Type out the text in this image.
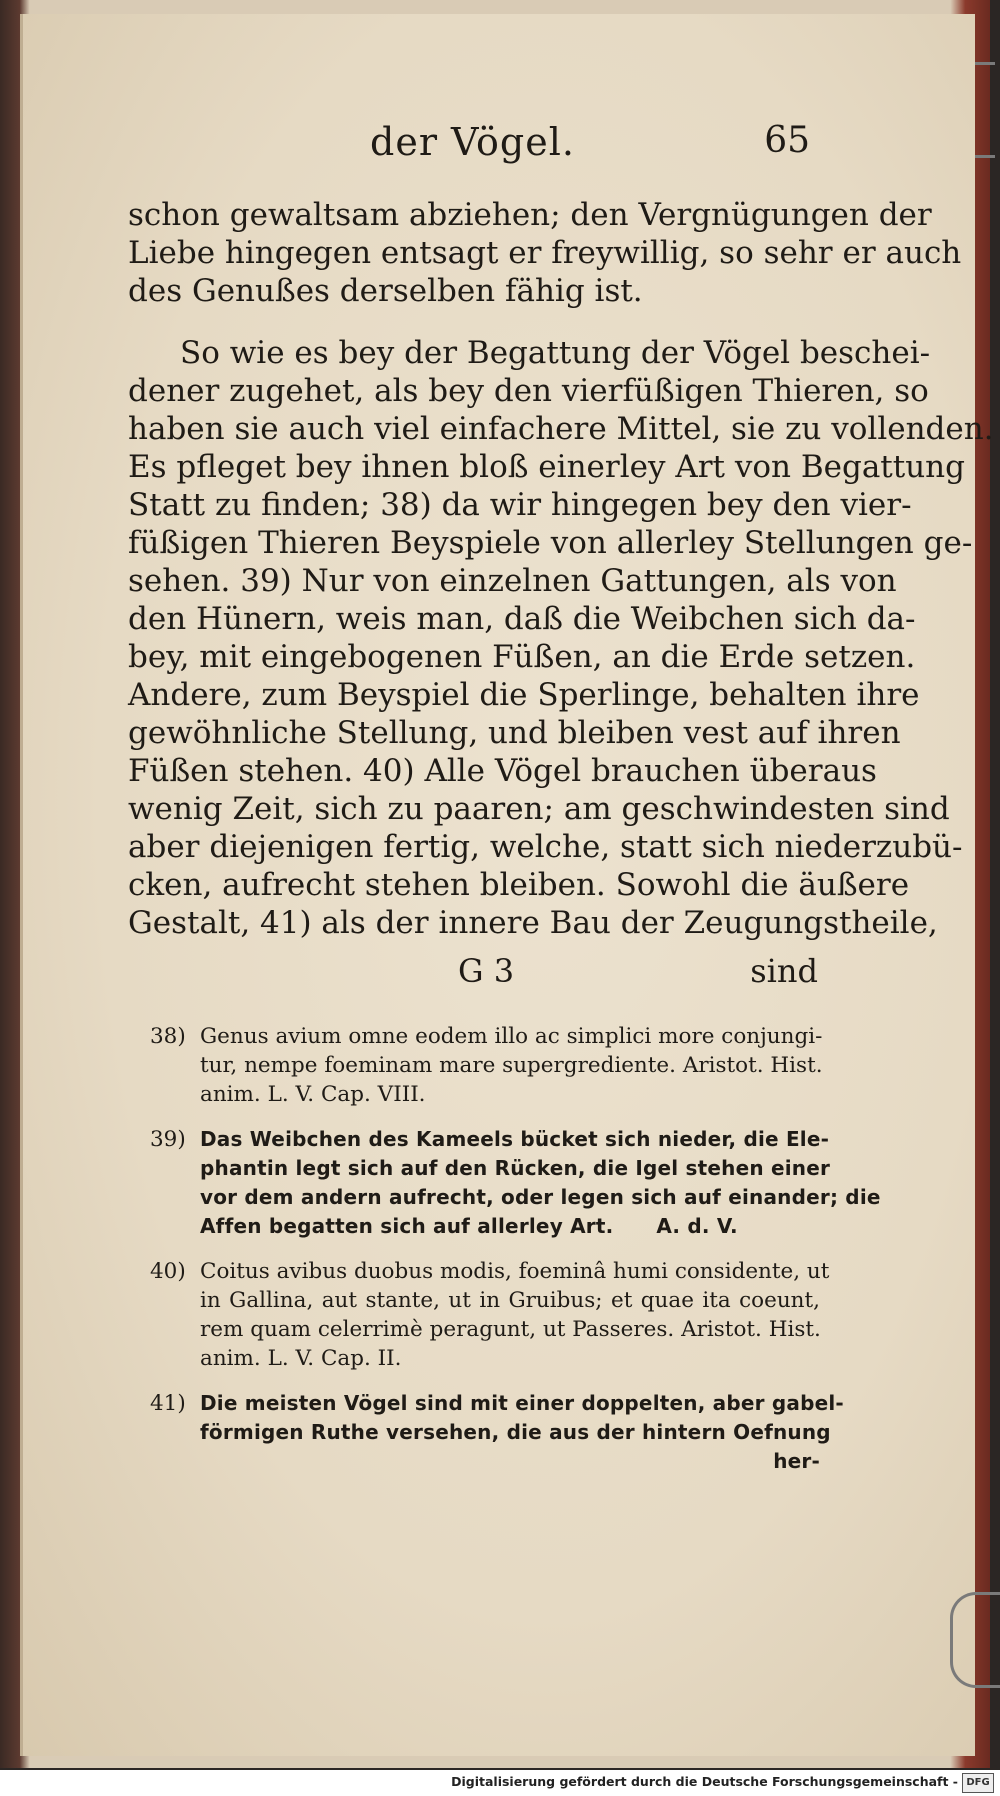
der Vögel.	65

schon gewaltsam abziehen; den Vergnügungen der
Liebe hingegen entsagt er freywillig, so sehr er auch
des Genußes derselben fähig ist.

So wie es bey der Begattung der Vögel beschei-
dener zugehet, als bey den vierfüßigen Thieren, so
haben sie auch viel einfachere Mittel, sie zu vollenden.
Es pfleget bey ihnen bloß einerley Art von Begattung
Statt zu finden; 38) da wir hingegen bey den vier-
füßigen Thieren Beyspiele von allerley Stellungen ge-
sehen. 39) Nur von einzelnen Gattungen, als von
den Hünern, weis man, daß die Weibchen sich da-
bey, mit eingebogenen Füßen, an die Erde setzen.
Andere, zum Beyspiel die Sperlinge, behalten ihre
gewöhnliche Stellung, und bleiben vest auf ihren
Füßen stehen. 40) Alle Vögel brauchen überaus
wenig Zeit, sich zu paaren; am geschwindesten sind
aber diejenigen fertig, welche, statt sich niederzubü-
cken, aufrecht stehen bleiben. Sowohl die äußere
Gestalt, 41) als der innere Bau der Zeugungstheile,

G 3	sind
38) Genus avium omne eodem illo ac simplici more conjungi-
tur, nempe foeminam mare supergrediente. Aristot. Hist.
anim. L. V. Cap. VIII.
39) Das Weibchen des Kameels bücket sich nieder, die Ele-
phantin legt sich auf den Rücken, die Igel stehen einer
vor dem andern aufrecht, oder legen sich auf einander; die
Affen begatten sich auf allerley Art.      A. d. V.
40) Coitus avibus duobus modis, foeminâ humi considente, ut
in Gallina, aut stante, ut in Gruibus; et quae ita coeunt,
rem quam celerrimè peragunt, ut Passeres. Aristot. Hist.
anim. L. V. Cap. II.
41) Die meisten Vögel sind mit einer doppelten, aber gabel-
förmigen Ruthe versehen, die aus der hintern Oefnung
her-
Digitalisierung gefördert durch die Deutsche Forschungsgemeinschaft - DFG
